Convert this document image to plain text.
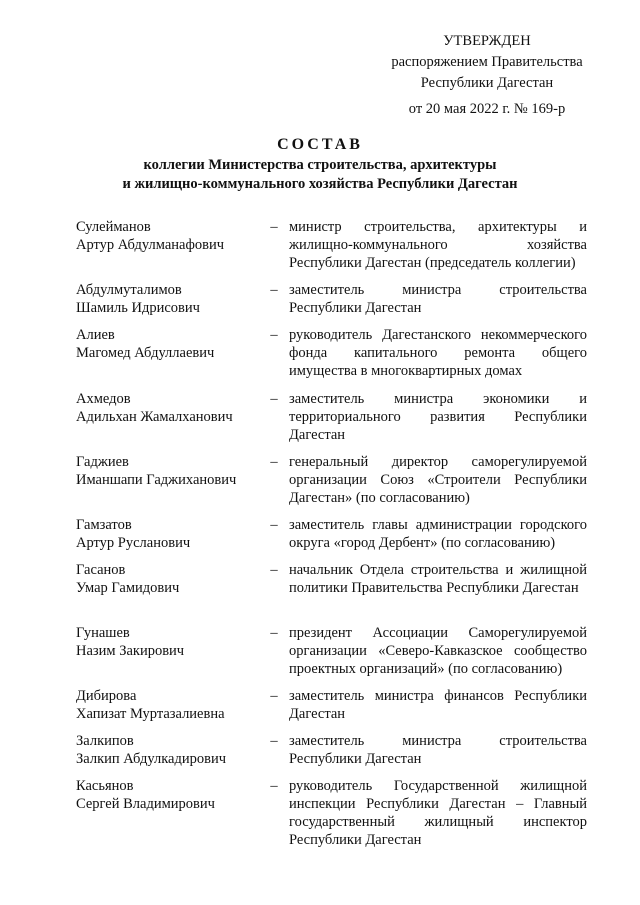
УТВЕРЖДЕН
распоряжением Правительства
Республики Дагестан
от 20 мая 2022 г. № 169-р
СОСТАВ
коллегии Министерства строительства, архитектуры
и жилищно-коммунального хозяйства Республики Дагестан
Сулейманов
Артур Абдулманафович
– министр строительства, архитектуры и жилищно-коммунального хозяйства Республики Дагестан (председатель коллегии)
Абдулмуталимов
Шамиль Идрисович
– заместитель министра строительства Республики Дагестан
Алиев
Магомед Абдуллаевич
– руководитель Дагестанского некоммерческого фонда капитального ремонта общего имущества в многоквартирных домах
Ахмедов
Адильхан Жамалханович
– заместитель министра экономики и территориального развития Республики Дагестан
Гаджиев
Иманшапи Гаджиханович
– генеральный директор саморегулируемой организации Союз «Строители Республики Дагестан» (по согласованию)
Гамзатов
Артур Русланович
– заместитель главы администрации городского округа «город Дербент» (по согласованию)
Гасанов
Умар Гамидович
– начальник Отдела строительства и жилищной политики Правительства Республики Дагестан
Гунашев
Назим Закирович
– президент Ассоциации Саморегулируемой организации «Северо-Кавказское сообщество проектных организаций» (по согласованию)
Дибирова
Хапизат Муртазалиевна
– заместитель министра финансов Республики Дагестан
Залкипов
Залкип Абдулкадирович
– заместитель министра строительства Республики Дагестан
Касьянов
Сергей Владимирович
– руководитель Государственной жилищной инспекции Республики Дагестан – Главный государственный жилищный инспектор Республики Дагестан
